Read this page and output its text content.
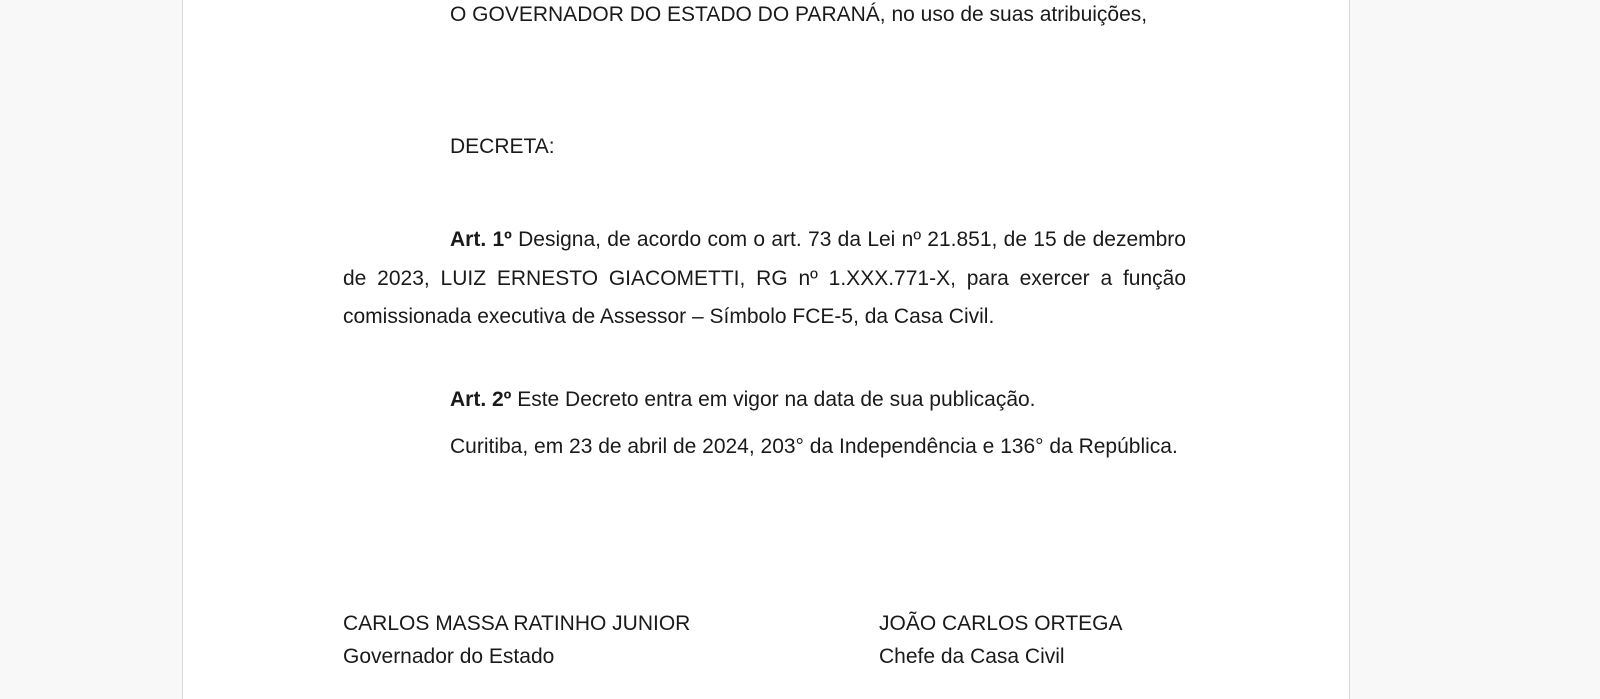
O GOVERNADOR DO ESTADO DO PARANÁ, no uso de suas atribuições,

DECRETA:

Art. 1º Designa, de acordo com o art. 73 da Lei nº 21.851, de 15 de dezembro de 2023, LUIZ ERNESTO GIACOMETTI, RG nº 1.XXX.771-X, para exercer a função comissionada executiva de Assessor – Símbolo FCE-5, da Casa Civil.

Art. 2º Este Decreto entra em vigor na data de sua publicação.

Curitiba, em 23 de abril de 2024, 203° da Independência e 136° da República.

CARLOS MASSA RATINHO JUNIOR
Governador do Estado
JOÃO CARLOS ORTEGA
Chefe da Casa Civil
